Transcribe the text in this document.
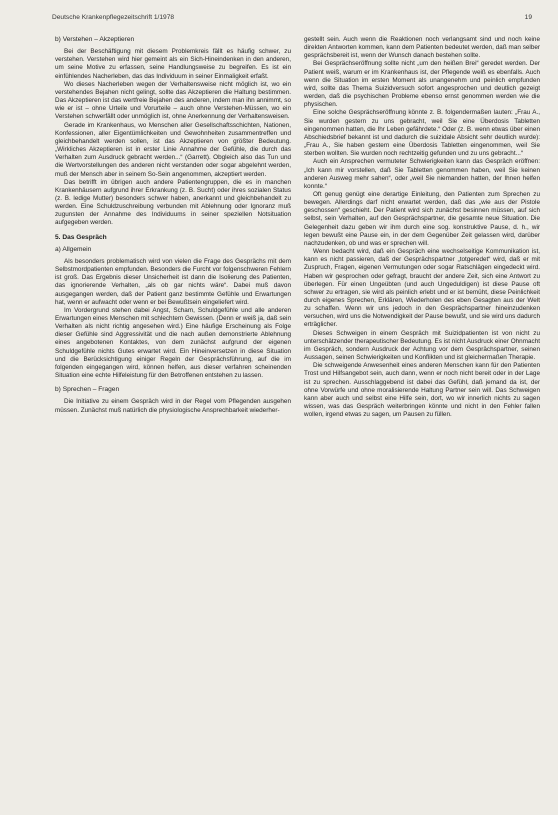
Deutsche Krankenpflegezeitschrift 1/1978	19
b) Verstehen – Akzeptieren

Bei der Beschäftigung mit diesem Problemkreis fällt es häufig schwer, zu verstehen. Verstehen wird hier gemeint als ein Sich-Hineindenken in den anderen, um seine Motive zu erfassen, seine Handlungsweise zu begreifen. Es ist ein einfühlendes Nacherleben, das das Individuum in seiner Einmaligkeit erfaßt.

Wo dieses Nacherleben wegen der Verhaltensweise nicht möglich ist, wo ein verstehendes Bejahen nicht gelingt, sollte das Akzeptieren die Haltung bestimmen. Das Akzeptieren ist das wertfreie Bejahen des anderen, indem man ihn annimmt, so wie er ist – ohne Urteile und Vorurteile – auch ohne Verstehen-Müssen, wo ein Verstehen schwerfällt oder unmöglich ist, ohne Anerkennung der Verhaltensweisen.

Gerade im Krankenhaus, wo Menschen aller Gesellschaftsschichten, Nationen, Konfessionen, aller Eigentümlichkeiten und Gewohnheiten zusammentreffen und gleichbehandelt werden sollen, ist das Akzeptieren von größter Bedeutung. „Wirkliches Akzeptieren ist in erster Linie Annahme der Gefühle, die durch das Verhalten zum Ausdruck gebracht werden...“ (Garrett). Obgleich also das Tun und die Wertvorstellungen des anderen nicht verstanden oder sogar abgelehnt werden, muß der Mensch aber in seinem So-Sein angenommen, akzeptiert werden.

Das betrifft im übrigen auch andere Patientengruppen, die es in manchen Krankenhäusern aufgrund ihrer Erkrankung (z. B. Sucht) oder ihres sozialen Status (z. B. ledige Mutter) besonders schwer haben, anerkannt und gleichbehandelt zu werden. Eine Schuldzuschreibung verbunden mit Ablehnung oder Ignoranz muß zugunsten der Annahme des Individuums in seiner speziellen Notsituation aufgegeben werden.

5. Das Gespräch
a) Allgemein

Als besonders problematisch wird von vielen die Frage des Gesprächs mit dem Selbstmordpatienten empfunden. Besonders die Furcht vor folgenschweren Fehlern ist groß. Das Ergebnis dieser Unsicherheit ist dann die Isolierung des Patienten, das ignorierende Verhalten, „als ob gar nichts wäre“. Dabei muß davon ausgegangen werden, daß der Patient ganz bestimmte Gefühle und Erwartungen hat, wenn er aufwacht oder wenn er bei Bewußtsein eingeliefert wird.

Im Vordergrund stehen dabei Angst, Scham, Schuldgefühle und alle anderen Erwartungen eines Menschen mit schlechtem Gewissen. (Denn er weiß ja, daß sein Verhalten als nicht richtig angesehen wird.) Eine häufige Erscheinung als Folge dieser Gefühle sind Aggressivität und die nach außen demonstrierte Ablehnung eines angebotenen Kontaktes, von dem zunächst aufgrund der eigenen Schuldgefühle nichts Gutes erwartet wird. Ein Hineinversetzen in diese Situation und die Berücksichtigung einiger Regeln der Gesprächsführung, auf die im folgenden eingegangen wird, können helfen, aus dieser verfahren scheinenden Situation eine echte Hilfeleistung für den Betroffenen entstehen zu lassen.

b) Sprechen – Fragen

Die Initiative zu einem Gespräch wird in der Regel vom Pflegenden ausgehen müssen. Zunächst muß natürlich die physiologische Ansprechbarkeit wiederher-

gestellt sein. Auch wenn die Reaktionen noch verlangsamt sind und noch keine direkten Antworten kommen, kann dem Patienten bedeutet werden, daß man selber gesprächsbereit ist, wenn der Wunsch danach bestehen sollte.

Bei Gesprächseröffnung sollte nicht „um den heißen Brei“ geredet werden. Der Patient weiß, warum er im Krankenhaus ist, der Pflegende weiß es ebenfalls. Auch wenn die Situation im ersten Moment als unangenehm und peinlich empfunden wird, sollte das Thema Suizidversuch sofort angesprochen und deutlich gezeigt werden, daß die psychischen Probleme ebenso ernst genommen werden wie die physischen.

Eine solche Gesprächseröffnung könnte z. B. folgendermaßen lauten: „Frau A., Sie wurden gestern zu uns gebracht, weil Sie eine Überdosis Tabletten eingenommen hatten, die Ihr Leben gefährdete.“ Oder (z. B. wenn etwas über einen Abschiedsbrief bekannt ist und dadurch die suizidale Absicht sehr deutlich wurde): „Frau A., Sie haben gestern eine Überdosis Tabletten eingenommen, weil Sie sterben wollten. Sie wurden noch rechtzeitig gefunden und zu uns gebracht...“

Auch ein Ansprechen vermuteter Schwierigkeiten kann das Gespräch eröffnen: „Ich kann mir vorstellen, daß Sie Tabletten genommen haben, weil Sie keinen anderen Ausweg mehr sahen“, oder „weil Sie niemanden hatten, der Ihnen helfen konnte.“

Oft genug genügt eine derartige Einleitung, den Patienten zum Sprechen zu bewegen. Allerdings darf nicht erwartet werden, daß das „wie aus der Pistole geschossen“ geschieht. Der Patient wird sich zunächst besinnen müssen, auf sich selbst, sein Verhalten, auf den Gesprächspartner, die gesamte neue Situation. Die Gelegenheit dazu geben wir ihm durch eine sog. konstruktive Pause, d. h., wir legen bewußt eine Pause ein, in der dem Gegenüber Zeit gelassen wird, darüber nachzudenken, ob und was er sprechen will.

Wenn bedacht wird, daß ein Gespräch eine wechselseitige Kommunikation ist, kann es nicht passieren, daß der Gesprächspartner „totgeredet“ wird, daß er mit Zuspruch, Fragen, eigenen Vermutungen oder sogar Ratschlägen eingedeckt wird. Haben wir gesprochen oder gefragt, braucht der andere Zeit, sich eine Antwort zu überlegen. Für einen Ungeübten (und auch Ungeduldigen) ist diese Pause oft schwer zu ertragen, sie wird als peinlich erlebt und er ist bemüht, diese Peinlichkeit durch eigenes Sprechen, Erklären, Wiederholen des eben Gesagten aus der Welt zu schaffen. Wenn wir uns jedoch in den Gesprächspartner hineinzudenken versuchen, wird uns die Notwendigkeit der Pause bewußt, und sie wird uns dadurch erträglicher.

Dieses Schweigen in einem Gespräch mit Suizidpatienten ist von nicht zu unterschätzender therapeutischer Bedeutung. Es ist nicht Ausdruck einer Ohnmacht im Gespräch, sondern Ausdruck der Achtung vor dem Gesprächspartner, seinen Aussagen, seinen Schwierigkeiten und Konflikten und ist gleichermaßen Therapie.

Die schweigende Anwesenheit eines anderen Menschen kann für den Patienten Trost und Hilfsangebot sein, auch dann, wenn er noch nicht bereit oder in der Lage ist zu sprechen. Ausschlaggebend ist dabei das Gefühl, daß jemand da ist, der ohne Vorwürfe und ohne moralisierende Haltung Partner sein will. Das Schweigen kann aber auch und selbst eine Hilfe sein, dort, wo wir innerlich nichts zu sagen wissen, was das Gespräch weiterbringen könnte und nicht in den Fehler fallen wollen, irgend etwas zu sagen, um Pausen zu füllen.
